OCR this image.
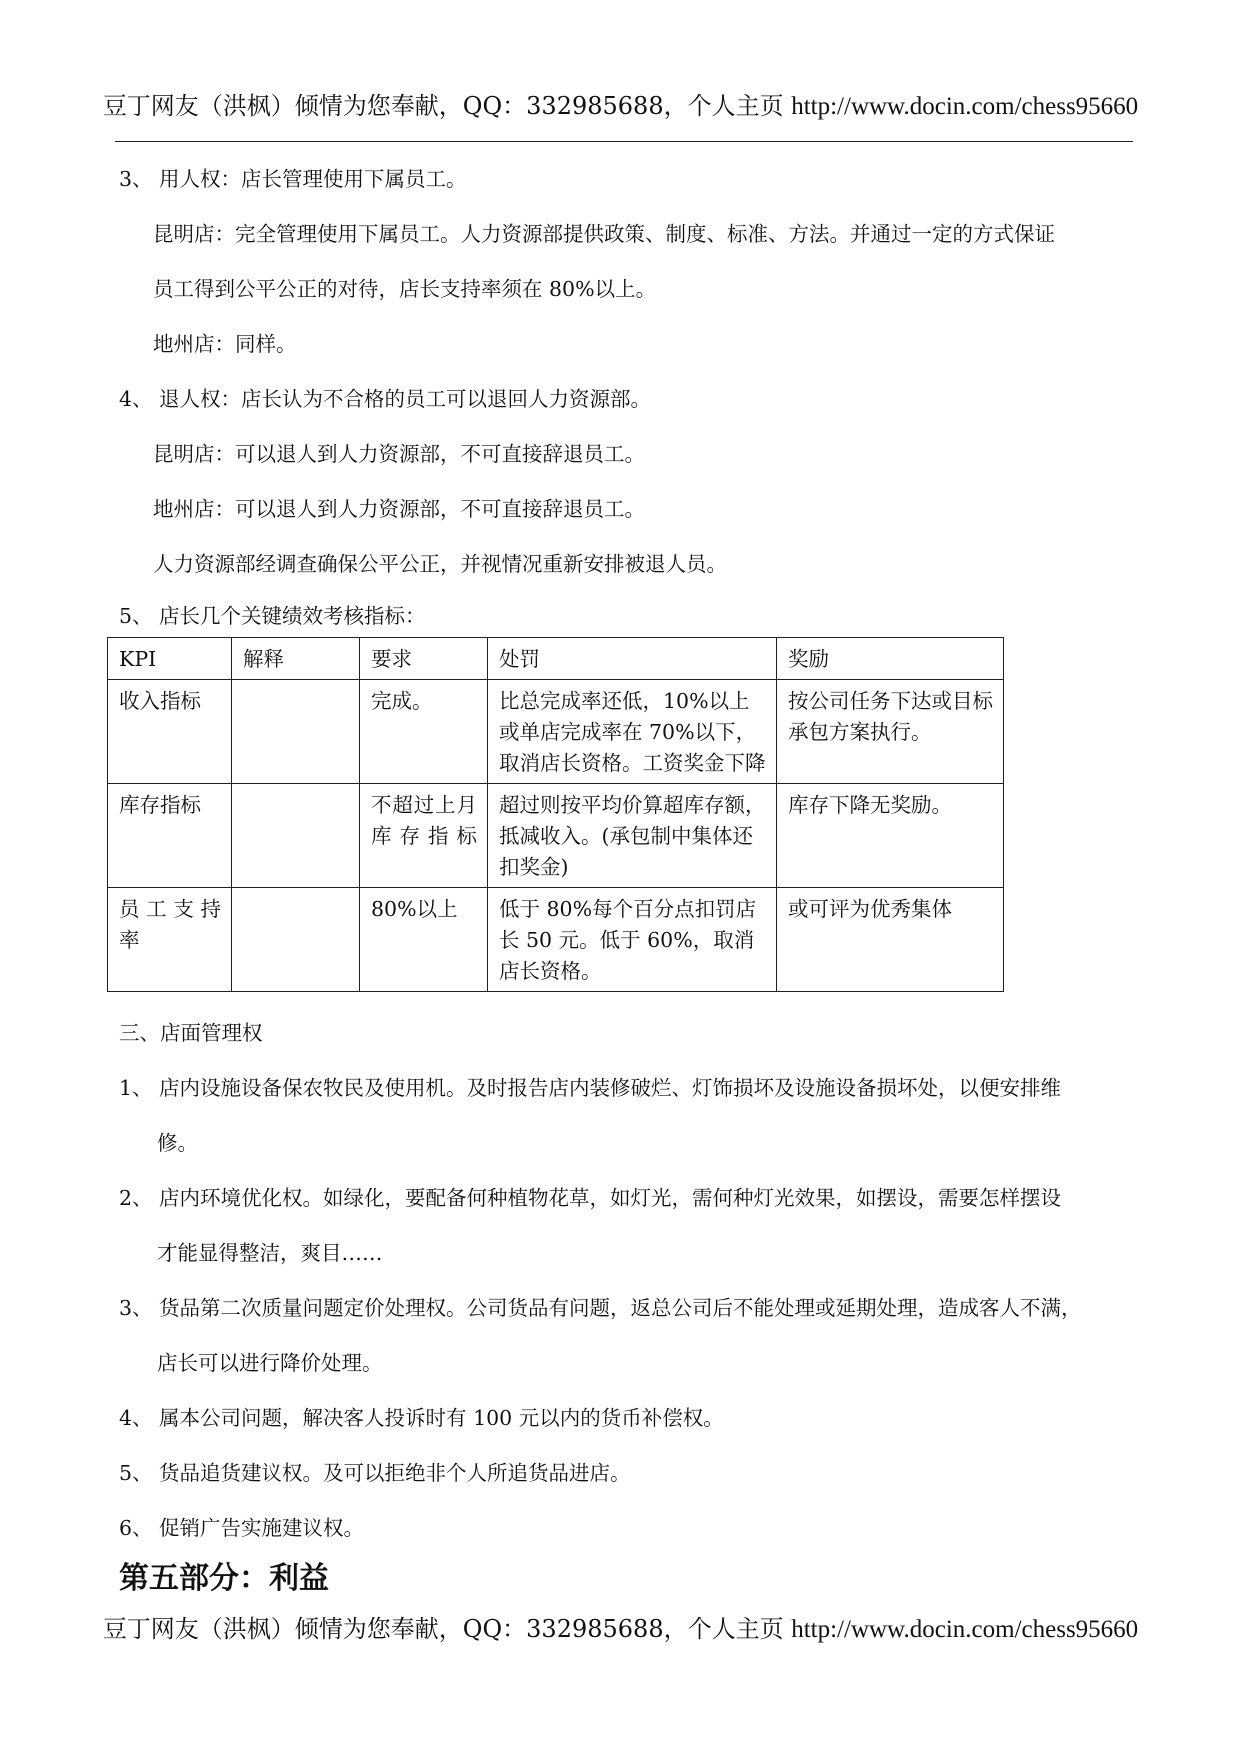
豆丁网友（洪枫）倾情为您奉献，QQ：332985688，个人主页 http://www.docin.com/chess95660
3、 用人权：店长管理使用下属员工。
昆明店：完全管理使用下属员工。人力资源部提供政策、制度、标准、方法。并通过一定的方式保证
员工得到公平公正的对待，店长支持率须在 80%以上。
地州店：同样。
4、 退人权：店长认为不合格的员工可以退回人力资源部。
昆明店：可以退人到人力资源部，不可直接辞退员工。
地州店：可以退人到人力资源部，不可直接辞退员工。
人力资源部经调查确保公平公正，并视情况重新安排被退人员。
5、 店长几个关键绩效考核指标：
KPI	解释	要求	处罚	奖励
收入指标		完成。	比总完成率还低，10%以上或单店完成率在 70%以下，取消店长资格。工资奖金下降	按公司任务下达或目标承包方案执行。
库存指标		不超过上月库存指标	超过则按平均价算超库存额，抵减收入。(承包制中集体还扣奖金)	库存下降无奖励。
员工支持率		80%以上	低于 80%每个百分点扣罚店长 50 元。低于 60%，取消店长资格。	或可评为优秀集体
三、店面管理权
1、 店内设施设备保农牧民及使用机。及时报告店内装修破烂、灯饰损坏及设施设备损坏处，以便安排维
修。
2、 店内环境优化权。如绿化，要配备何种植物花草，如灯光，需何种灯光效果，如摆设，需要怎样摆设
才能显得整洁，爽目……
3、 货品第二次质量问题定价处理权。公司货品有问题，返总公司后不能处理或延期处理，造成客人不满，
店长可以进行降价处理。
4、 属本公司问题，解决客人投诉时有 100 元以内的货币补偿权。
5、 货品追货建议权。及可以拒绝非个人所追货品进店。
6、 促销广告实施建议权。
第五部分：利益
豆丁网友（洪枫）倾情为您奉献，QQ：332985688，个人主页 http://www.docin.com/chess95660
